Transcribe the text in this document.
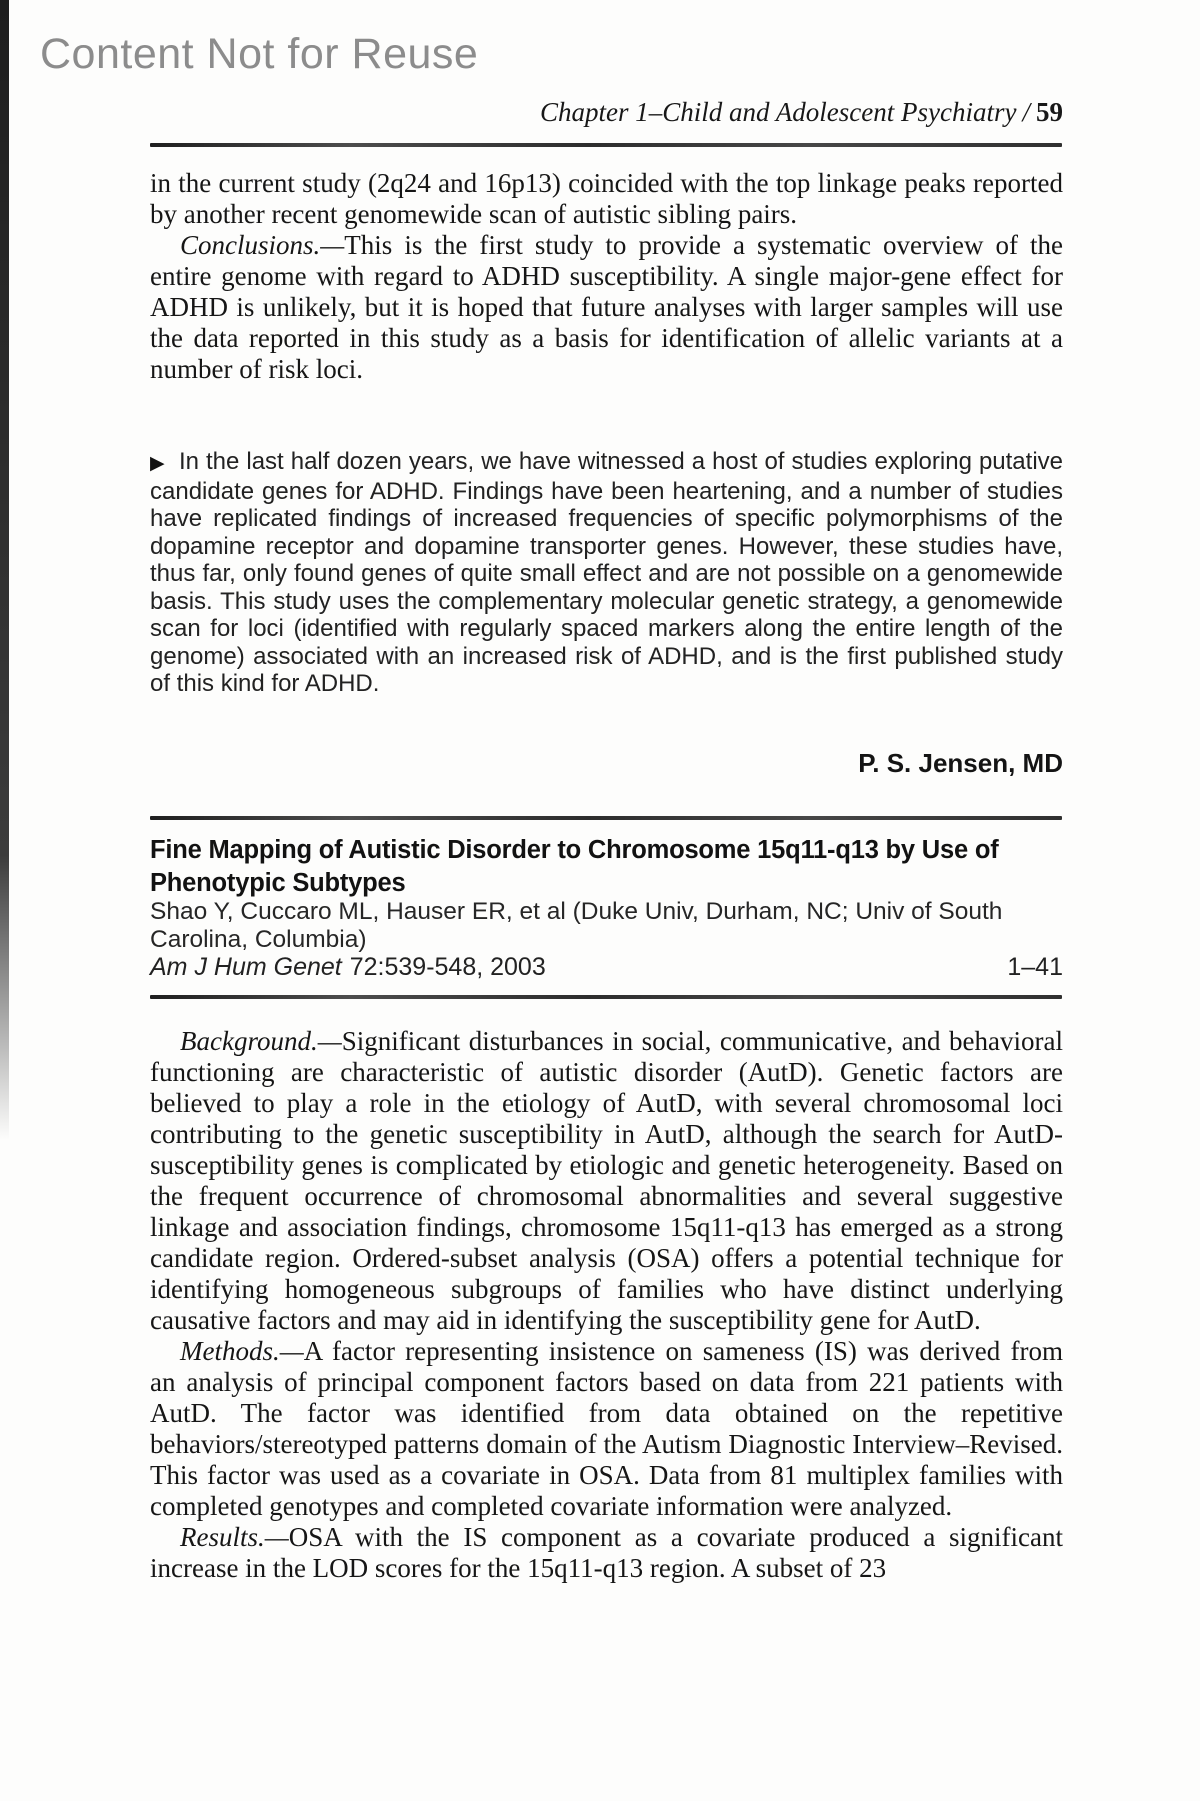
Content Not for Reuse
Chapter 1–Child and Adolescent Psychiatry / 59

in the current study (2q24 and 16p13) coincided with the top linkage peaks reported by another recent genomewide scan of autistic sibling pairs.

Conclusions.—This is the first study to provide a systematic overview of the entire genome with regard to ADHD susceptibility. A single major-gene effect for ADHD is unlikely, but it is hoped that future analyses with larger samples will use the data reported in this study as a basis for identification of allelic variants at a number of risk loci.

▶ In the last half dozen years, we have witnessed a host of studies exploring putative candidate genes for ADHD. Findings have been heartening, and a number of studies have replicated findings of increased frequencies of specific polymorphisms of the dopamine receptor and dopamine transporter genes. However, these studies have, thus far, only found genes of quite small effect and are not possible on a genomewide basis. This study uses the complementary molecular genetic strategy, a genomewide scan for loci (identified with regularly spaced markers along the entire length of the genome) associated with an increased risk of ADHD, and is the first published study of this kind for ADHD.

P. S. Jensen, MD
Fine Mapping of Autistic Disorder to Chromosome 15q11-q13 by Use of Phenotypic Subtypes
Shao Y, Cuccaro ML, Hauser ER, et al (Duke Univ, Durham, NC; Univ of South Carolina, Columbia)
Am J Hum Genet 72:539-548, 2003	1–41

Background.—Significant disturbances in social, communicative, and behavioral functioning are characteristic of autistic disorder (AutD). Genetic factors are believed to play a role in the etiology of AutD, with several chromosomal loci contributing to the genetic susceptibility in AutD, although the search for AutD-susceptibility genes is complicated by etiologic and genetic heterogeneity. Based on the frequent occurrence of chromosomal abnormalities and several suggestive linkage and association findings, chromosome 15q11-q13 has emerged as a strong candidate region. Ordered-subset analysis (OSA) offers a potential technique for identifying homogeneous subgroups of families who have distinct underlying causative factors and may aid in identifying the susceptibility gene for AutD.

Methods.—A factor representing insistence on sameness (IS) was derived from an analysis of principal component factors based on data from 221 patients with AutD. The factor was identified from data obtained on the repetitive behaviors/stereotyped patterns domain of the Autism Diagnostic Interview–Revised. This factor was used as a covariate in OSA. Data from 81 multiplex families with completed genotypes and completed covariate information were analyzed.

Results.—OSA with the IS component as a covariate produced a significant increase in the LOD scores for the 15q11-q13 region. A subset of 23
